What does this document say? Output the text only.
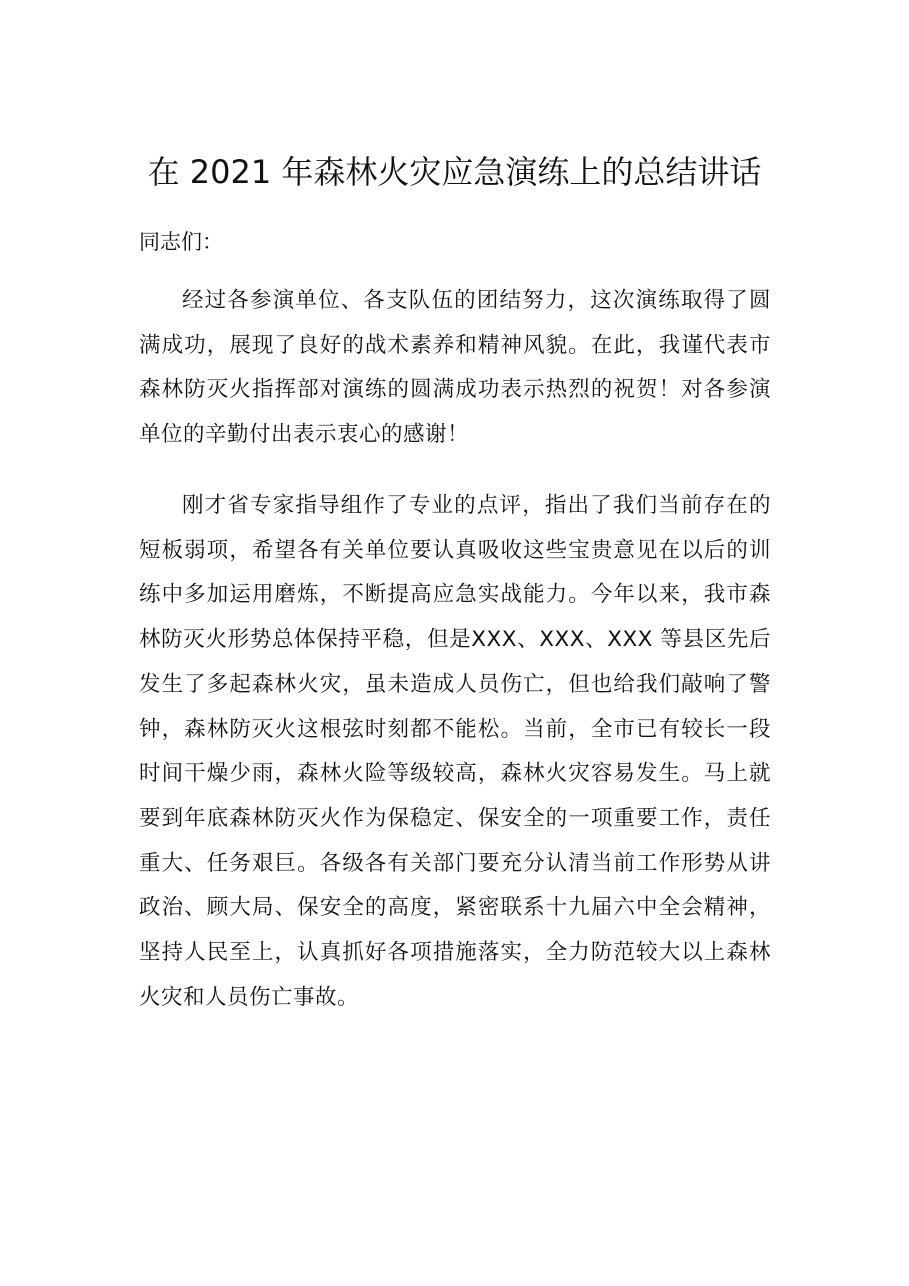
在 2021 年森林火灾应急演练上的总结讲话

同志们：

经过各参演单位、各支队伍的团结努力，这次演练取得了圆满成功，展现了良好的战术素养和精神风貌。在此，我谨代表市森林防灭火指挥部对演练的圆满成功表示热烈的祝贺！对各参演单位的辛勤付出表示衷心的感谢！

刚才省专家指导组作了专业的点评，指出了我们当前存在的短板弱项，希望各有关单位要认真吸收这些宝贵意见在以后的训练中多加运用磨炼，不断提高应急实战能力。今年以来，我市森林防灭火形势总体保持平稳，但是XXX、XXX、XXX 等县区先后发生了多起森林火灾，虽未造成人员伤亡，但也给我们敲响了警钟，森林防灭火这根弦时刻都不能松。当前，全市已有较长一段时间干燥少雨，森林火险等级较高，森林火灾容易发生。马上就要到年底森林防灭火作为保稳定、保安全的一项重要工作，责任重大、任务艰巨。各级各有关部门要充分认清当前工作形势从讲政治、顾大局、保安全的高度，紧密联系十九届六中全会精神，坚持人民至上，认真抓好各项措施落实，全力防范较大以上森林火灾和人员伤亡事故。
